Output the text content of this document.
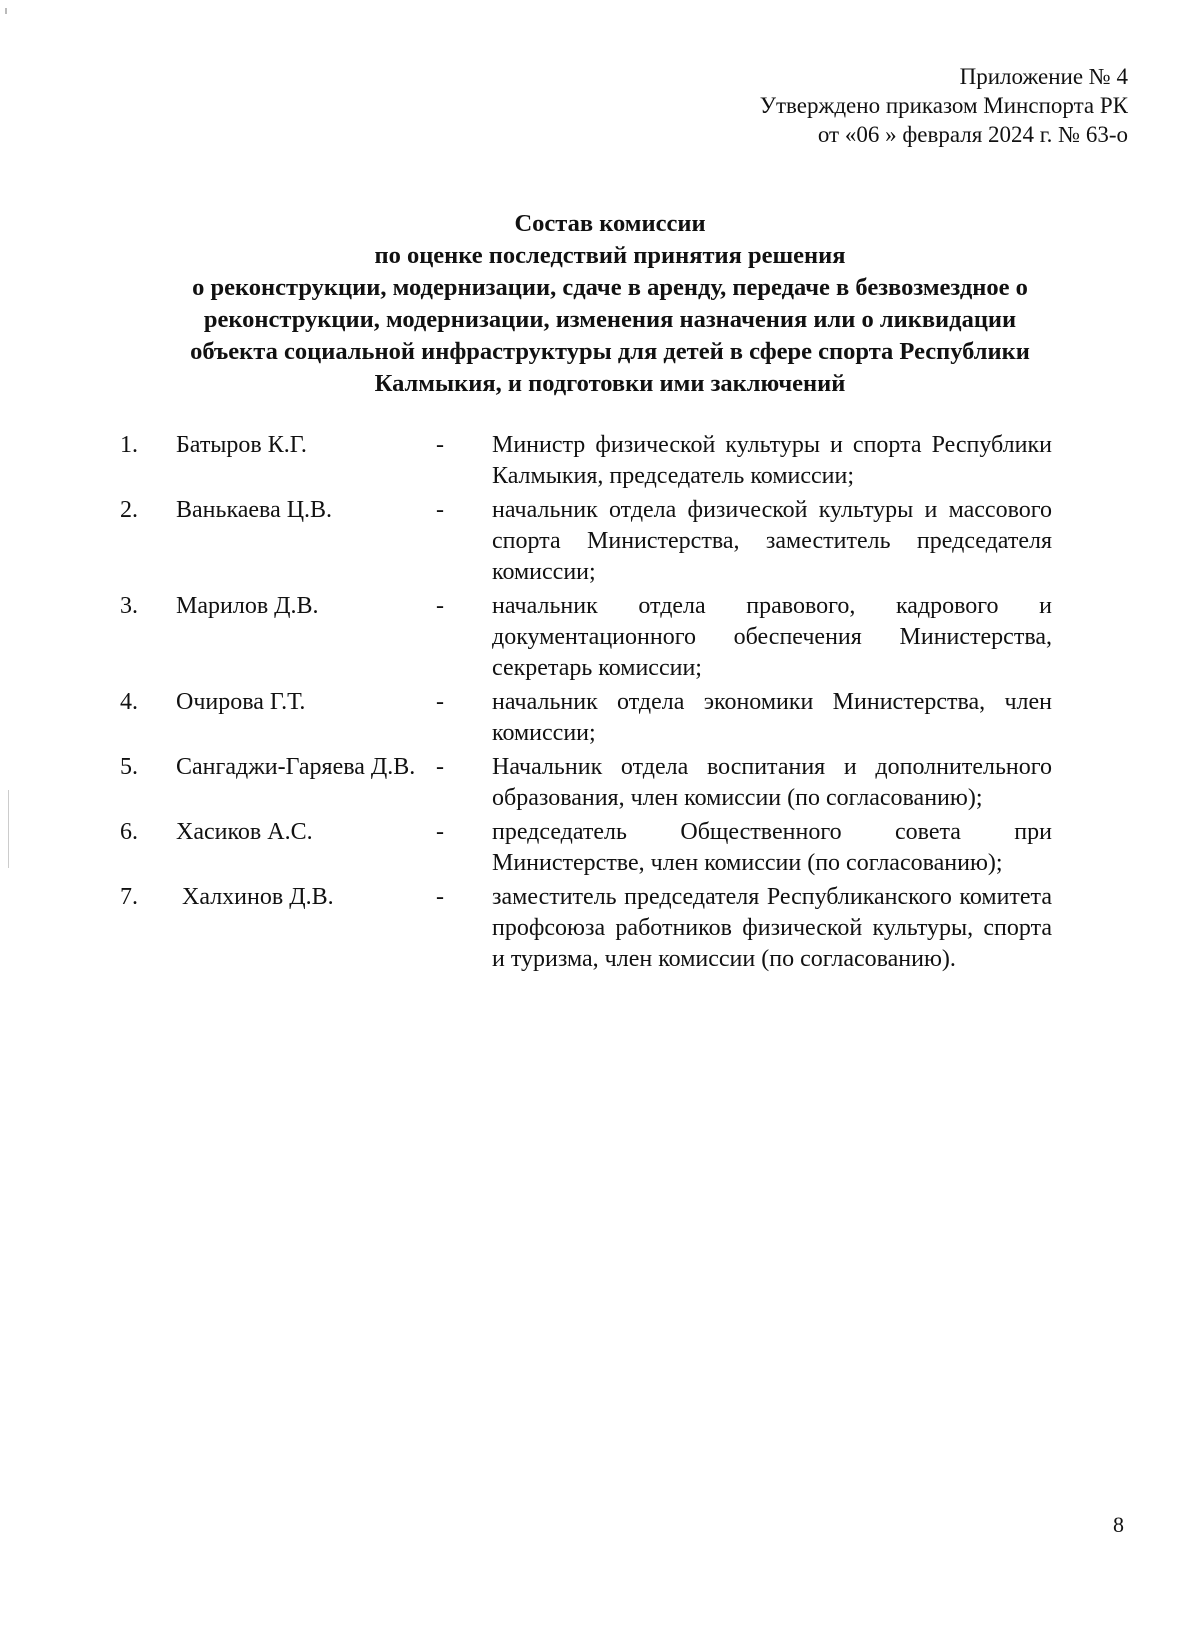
Приложение № 4
Утверждено приказом Минспорта РК
от «06 » февраля 2024 г. № 63-о
Состав комиссии
по оценке последствий принятия решения
о реконструкции, модернизации, сдаче в аренду, передаче в безвозмездное о
реконструкции, модернизации, изменения назначения или о ликвидации
объекта социальной инфраструктуры для детей в сфере спорта Республики
Калмыкия, и подготовки ими заключений
1.	Батыров К.Г.	-	Министр физической культуры и спорта Республики Калмыкия, председатель комиссии;
2.	Ванькаева Ц.В.	-	начальник отдела физической культуры и массового спорта Министерства, заместитель председателя комиссии;
3.	Марилов Д.В.	-	начальник отдела правового, кадрового и документационного обеспечения Министерства, секретарь комиссии;
4.	Очирова Г.Т.	-	начальник отдела экономики Министерства, член комиссии;
5.	Сангаджи-Гаряева Д.В. -	Начальник отдела воспитания и дополнительного образования, член комиссии (по согласованию);
6.	Хасиков А.С.	-	председатель Общественного совета при Министерстве, член комиссии (по согласованию);
7.	Халхинов Д.В.	-	заместитель председателя Республиканского комитета профсоюза работников физической культуры, спорта и туризма, член комиссии (по согласованию).
8
